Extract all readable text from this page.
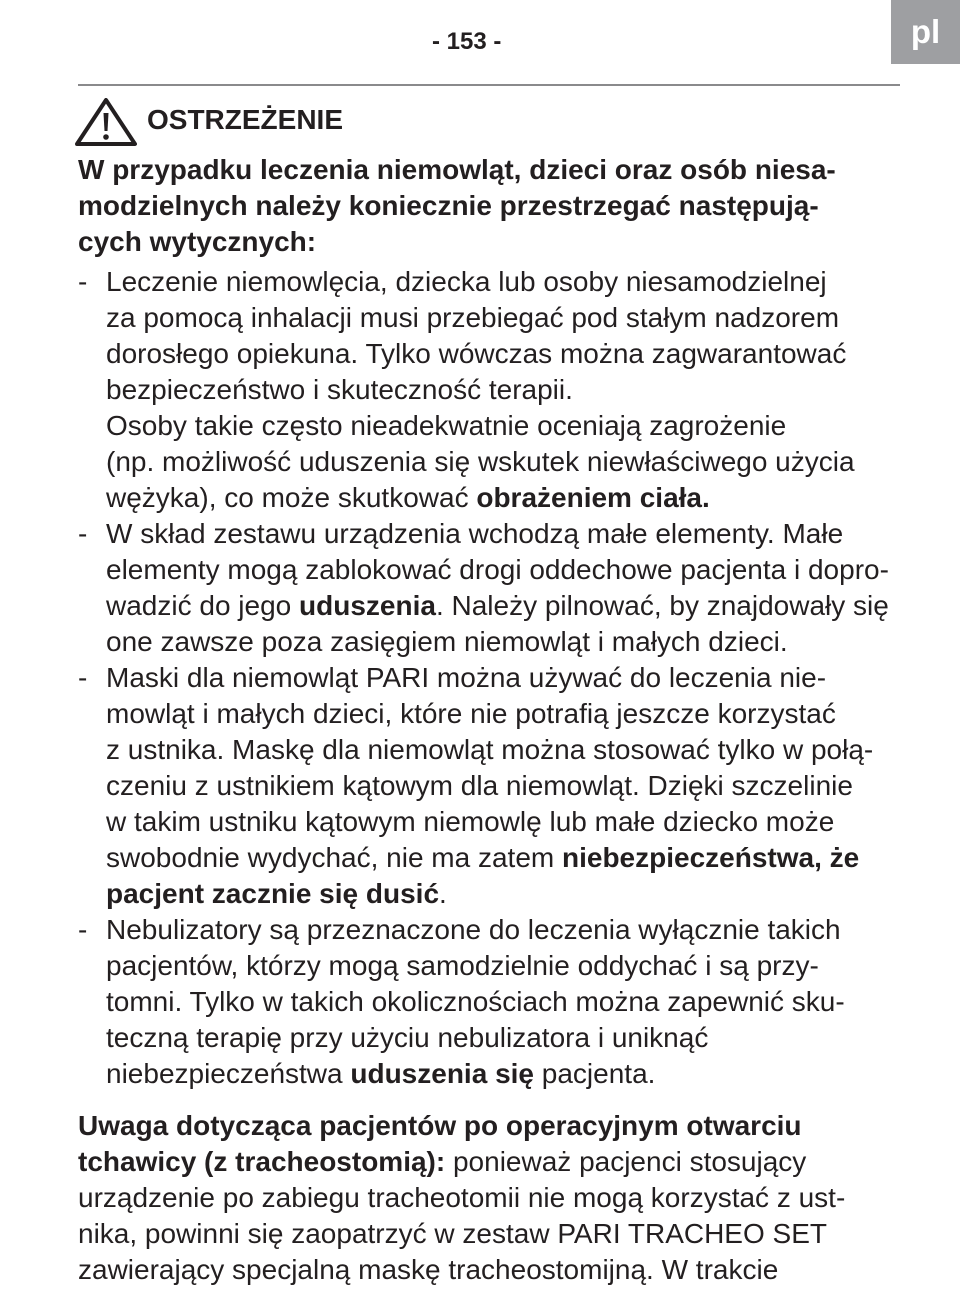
- 153 -	pl
OSTRZEŻENIE
W przypadku leczenia niemowląt, dzieci oraz osób niesa-
modzielnych należy koniecznie przestrzegać następują-
cych wytycznych:
- Leczenie niemowlęcia, dziecka lub osoby niesamodzielnej
za pomocą inhalacji musi przebiegać pod stałym nadzorem
dorosłego opiekuna. Tylko wówczas można zagwarantować
bezpieczeństwo i skuteczność terapii.
Osoby takie często nieadekwatnie oceniają zagrożenie
(np. możliwość uduszenia się wskutek niewłaściwego użycia
wężyka), co może skutkować obrażeniem ciała.
- W skład zestawu urządzenia wchodzą małe elementy. Małe
elementy mogą zablokować drogi oddechowe pacjenta i dopro-
wadzić do jego uduszenia. Należy pilnować, by znajdowały się
one zawsze poza zasięgiem niemowląt i małych dzieci.
- Maski dla niemowląt PARI można używać do leczenia nie-
mowląt i małych dzieci, które nie potrafią jeszcze korzystać
z ustnika. Maskę dla niemowląt można stosować tylko w połą-
czeniu z ustnikiem kątowym dla niemowląt. Dzięki szczelinie
w takim ustniku kątowym niemowlę lub małe dziecko może
swobodnie wydychać, nie ma zatem niebezpieczeństwa, że
pacjent zacznie się dusić.
- Nebulizatory są przeznaczone do leczenia wyłącznie takich
pacjentów, którzy mogą samodzielnie oddychać i są przy-
tomni. Tylko w takich okolicznościach można zapewnić sku-
teczną terapię przy użyciu nebulizatora i uniknąć
niebezpieczeństwa uduszenia się pacjenta.
Uwaga dotycząca pacjentów po operacyjnym otwarciu
tchawicy (z tracheostomią): ponieważ pacjenci stosujący
urządzenie po zabiegu tracheotomii nie mogą korzystać z ust-
nika, powinni się zaopatrzyć w zestaw PARI TRACHEO SET
zawierający specjalną maskę tracheostomijną. W trakcie
